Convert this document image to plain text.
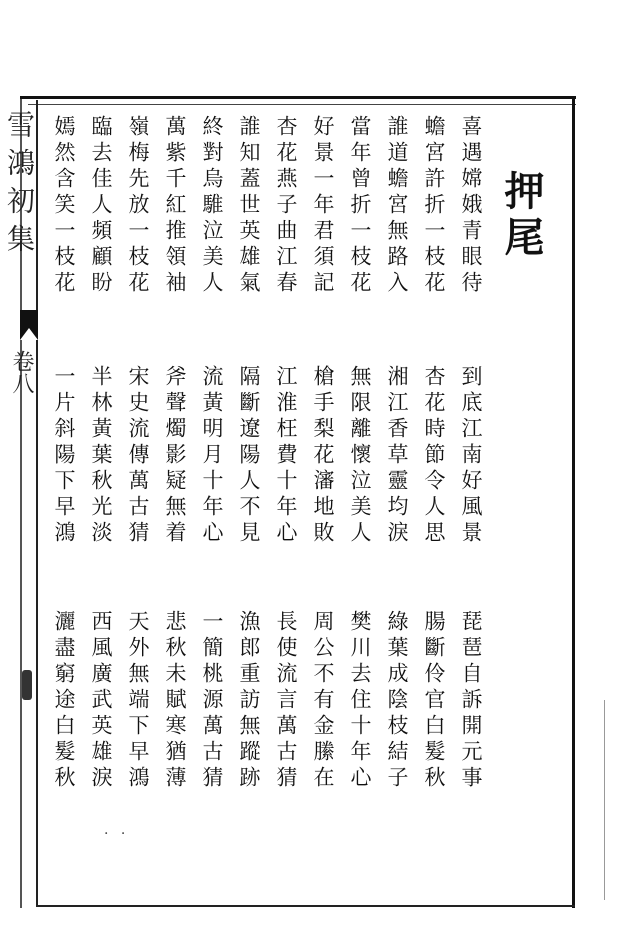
雪鴻初集
卷八
押尾
喜遇嫦娥青眼待
到底江南好風景
琵琶自訴開元事
蟾宮許折一枝花
杏花時節令人思
腸斷伶官白髮秋
誰道蟾宮無路入
湘江香草靈均淚
綠葉成陰枝結子
當年曾折一枝花
無限離懷泣美人
樊川去住十年心
好景一年君須記
槍手梨花瀋地敗
周公不有金縢在
杏花燕子曲江春
江淮枉費十年心
長使流言萬古猜
誰知蓋世英雄氣
隔斷遼陽人不見
漁郎重訪無蹤跡
終對烏騅泣美人
流黃明月十年心
一簡桃源萬古猜
萬紫千紅推領袖
斧聲燭影疑無着
悲秋未賦寒猶薄
嶺梅先放一枝花
宋史流傳萬古猜
天外無端下早鴻
臨去佳人頻顧盼
半林黃葉秋光淡
西風廣武英雄淚
嫣然含笑一枝花
一片斜陽下早鴻
灑盡窮途白髮秋
· ·
